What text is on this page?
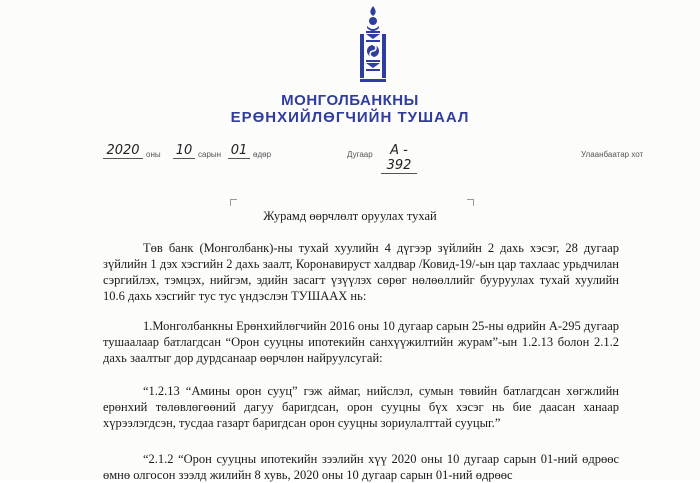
МОНГОЛБАНКНЫ
ЕРӨНХИЙЛӨГЧИЙН ТУШААЛ
2020 оны 10 сарын 01 өдөр	Дугаар	А - 392
Улаанбаатар хот
Журамд өөрчлөлт оруулах тухай
Төв банк (Монголбанк)-ны тухай хуулийн 4 дүгээр зүйлийн 2 дахь хэсэг, 28 дугаар зүйлийн 1 дэх хэсгийн 2 дахь заалт, Коронавируст халдвар /Ковид-19/-ын цар тахлаас урьдчилан сэргийлэх, тэмцэх, нийгэм, эдийн засагт үзүүлэх сөрөг нөлөөллийг бууруулах тухай хуулийн 10.6 дахь хэсгийг тус тус үндэслэн ТУШААХ нь:
1.Монголбанкны Ерөнхийлөгчийн 2016 оны 10 дугаар сарын 25-ны өдрийн А-295 дугаар тушаалаар батлагдсан “Орон сууцны ипотекийн санхүүжилтийн журам”-ын 1.2.13 болон 2.1.2 дахь заалтыг дор дурдсанаар өөрчлөн найруулсугай:
“1.2.13 “Амины орон сууц” гэж аймаг, нийслэл, сумын төвийн батлагдсан хөгжлийн ерөнхий төлөвлөгөөний дагуу баригдсан, орон сууцны бүх хэсэг нь бие даасан ханаар хүрээлэгдсэн, тусдаа газарт баригдсан орон сууцны зориулалттай сууцыг.”
“2.1.2 “Орон сууцны ипотекийн зээлийн хүү 2020 оны 10 дугаар сарын 01-ний өдрөөс өмнө олгосон зээлд жилийн 8 хувь, 2020 оны 10 дугаар сарын 01-ний өдрөөс
